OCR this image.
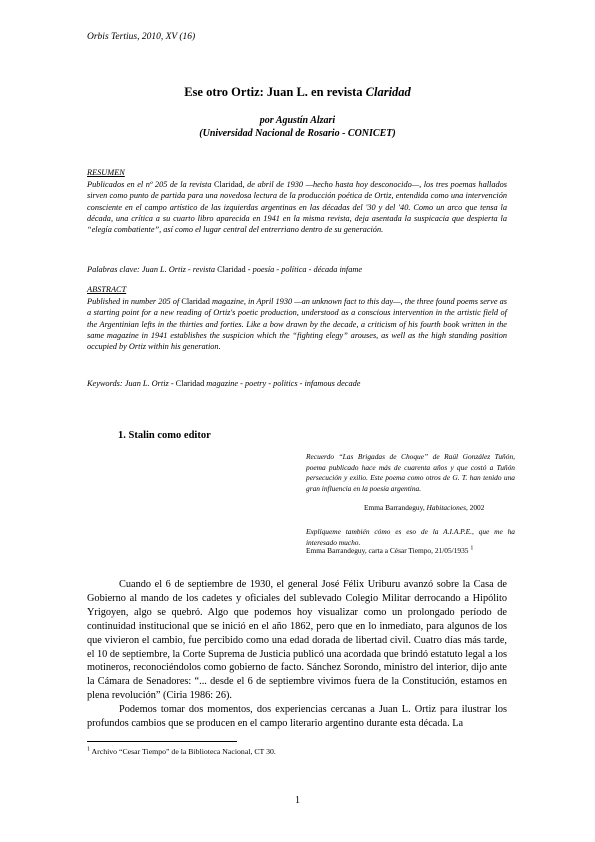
Orbis Tertius, 2010, XV (16)
Ese otro Ortiz: Juan L. en revista Claridad
por Agustín Alzari
(Universidad Nacional de Rosario - CONICET)
RESUMEN
Publicados en el nº 205 de la revista Claridad, de abril de 1930 —hecho hasta hoy desconocido—, los tres poemas hallados sirven como punto de partida para una novedosa lectura de la producción poética de Ortiz, entendida como una intervención consciente en el campo artístico de las izquierdas argentinas en las décadas del '30 y del '40. Como un arco que tensa la década, una crítica a su cuarto libro aparecida en 1941 en la misma revista, deja asentada la suspicacia que despierta la “elegía combatiente”, así como el lugar central del entrerriano dentro de su generación.
Palabras clave: Juan L. Ortiz - revista Claridad - poesía - política - década infame
ABSTRACT
Published in number 205 of Claridad magazine, in April 1930 —an unknown fact to this day—, the three found poems serve as a starting point for a new reading of Ortiz's poetic production, understood as a conscious intervention in the artistic field of the Argentinian lefts in the thirties and forties. Like a bow drawn by the decade, a criticism of his fourth book written in the same magazine in 1941 establishes the suspicion which the “fighting elegy” arouses, as well as the high standing position occupied by Ortiz within his generation.
Keywords: Juan L. Ortiz - Claridad magazine - poetry - politics - infamous decade
1. Stalin como editor
Recuerdo “Las Brigadas de Choque” de Raúl González Tuñón, poema publicado hace más de cuarenta años y que costó a Tuñón persecución y exilio. Este poema como otros de G. T. han tenido una gran influencia en la poesía argentina.
Emma Barrandeguy, Habitaciones, 2002
Explíqueme también cómo es eso de la A.I.A.P.E., que me ha interesado mucho.
Emma Barrandeguy, carta a César Tiempo, 21/05/1935 $^1$

Cuando el 6 de septiembre de 1930, el general José Félix Uriburu avanzó sobre la Casa de Gobierno al mando de los cadetes y oficiales del sublevado Colegio Militar derrocando a Hipólito Yrigoyen, algo se quebró. Algo que podemos hoy visualizar como un prolongado período de continuidad institucional que se inició en el año 1862, pero que en lo inmediato, para algunos de los que vivieron el cambio, fue percibido como una edad dorada de libertad civil. Cuatro días más tarde, el 10 de septiembre, la Corte Suprema de Justicia publicó una acordada que brindó estatuto legal a los motineros, reconociéndolos como gobierno de facto. Sánchez Sorondo, ministro del interior, dijo ante la Cámara de Senadores: “... desde el 6 de septiembre vivimos fuera de la Constitución, estamos en plena revolución” (Ciria 1986: 26).

Podemos tomar dos momentos, dos experiencias cercanas a Juan L. Ortiz para ilustrar los profundos cambios que se producen en el campo literario argentino durante esta década. La

$^1$ Archivo “Cesar Tiempo” de la Biblioteca Nacional, CT 30.
1
